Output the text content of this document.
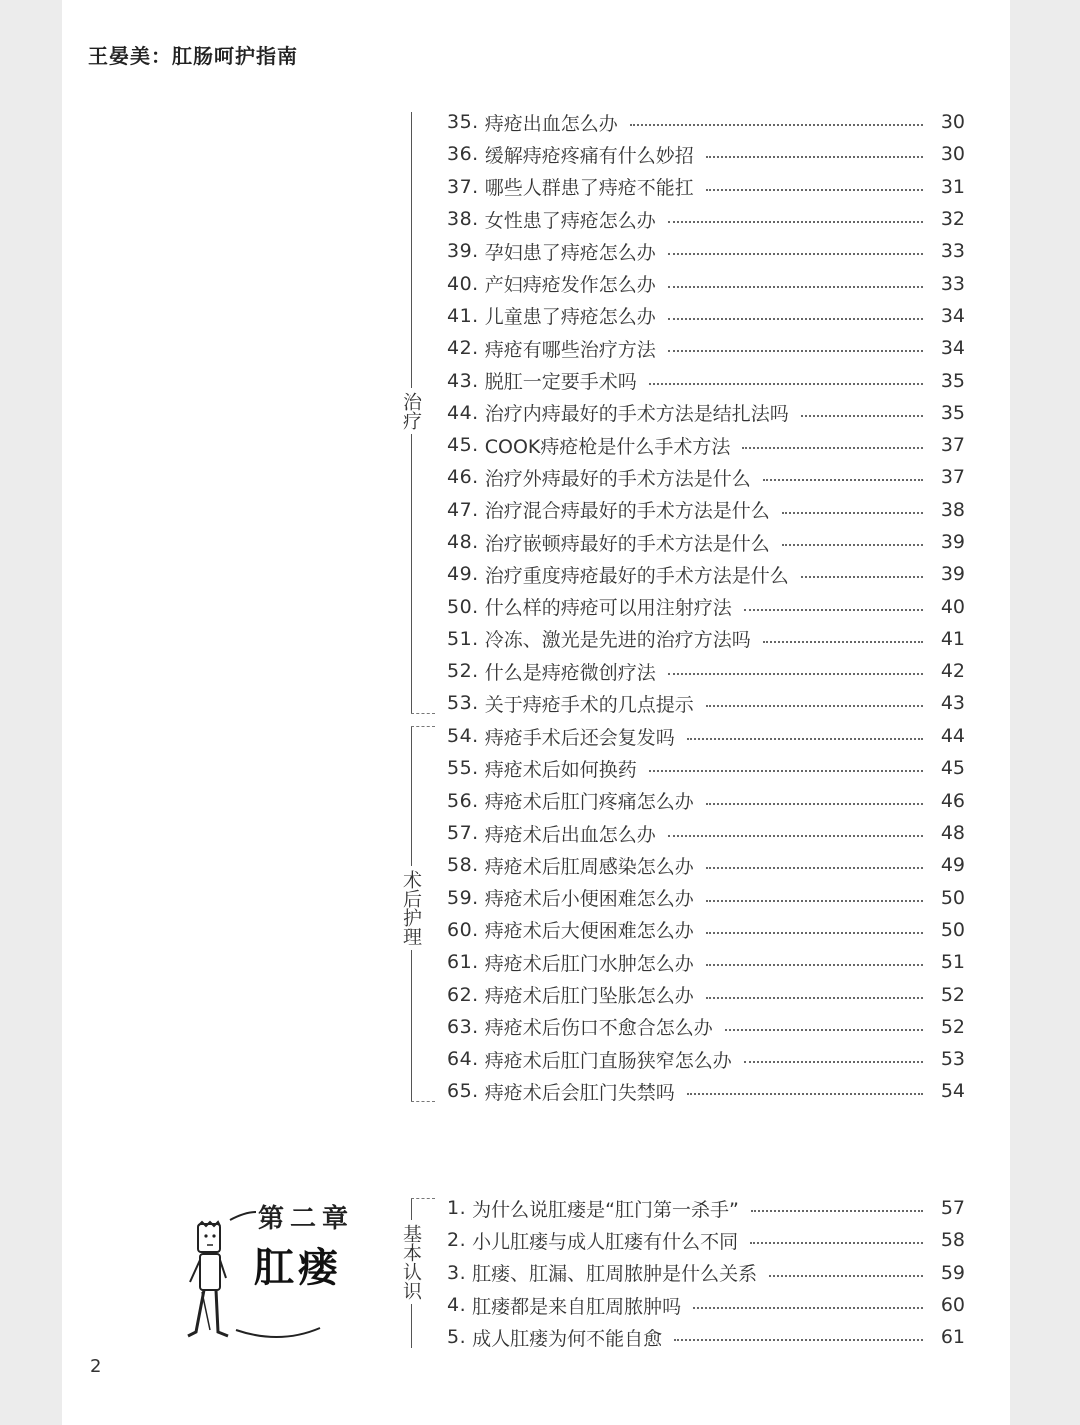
王晏美：肛肠呵护指南
治疗
35. 痔疮出血怎么办	30
36. 缓解痔疮疼痛有什么妙招	30
37. 哪些人群患了痔疮不能扛	31
38. 女性患了痔疮怎么办	32
39. 孕妇患了痔疮怎么办	33
40. 产妇痔疮发作怎么办	33
41. 儿童患了痔疮怎么办	34
42. 痔疮有哪些治疗方法	34
43. 脱肛一定要手术吗	35
44. 治疗内痔最好的手术方法是结扎法吗	35
45. COOK痔疮枪是什么手术方法	37
46. 治疗外痔最好的手术方法是什么	37
47. 治疗混合痔最好的手术方法是什么	38
48. 治疗嵌顿痔最好的手术方法是什么	39
49. 治疗重度痔疮最好的手术方法是什么	39
50. 什么样的痔疮可以用注射疗法	40
51. 冷冻、激光是先进的治疗方法吗	41
52. 什么是痔疮微创疗法	42
53. 关于痔疮手术的几点提示	43
术后护理
54. 痔疮手术后还会复发吗	44
55. 痔疮术后如何换药	45
56. 痔疮术后肛门疼痛怎么办	46
57. 痔疮术后出血怎么办	48
58. 痔疮术后肛周感染怎么办	49
59. 痔疮术后小便困难怎么办	50
60. 痔疮术后大便困难怎么办	50
61. 痔疮术后肛门水肿怎么办	51
62. 痔疮术后肛门坠胀怎么办	52
63. 痔疮术后伤口不愈合怎么办	52
64. 痔疮术后肛门直肠狭窄怎么办	53
65. 痔疮术后会肛门失禁吗	54
第二章
肛瘘	基本认识
1. 为什么说肛瘘是“肛门第一杀手”	57
2. 小儿肛瘘与成人肛瘘有什么不同	58
3. 肛瘘、肛漏、肛周脓肿是什么关系	59
4. 肛瘘都是来自肛周脓肿吗	60
5. 成人肛瘘为何不能自愈	61
2
